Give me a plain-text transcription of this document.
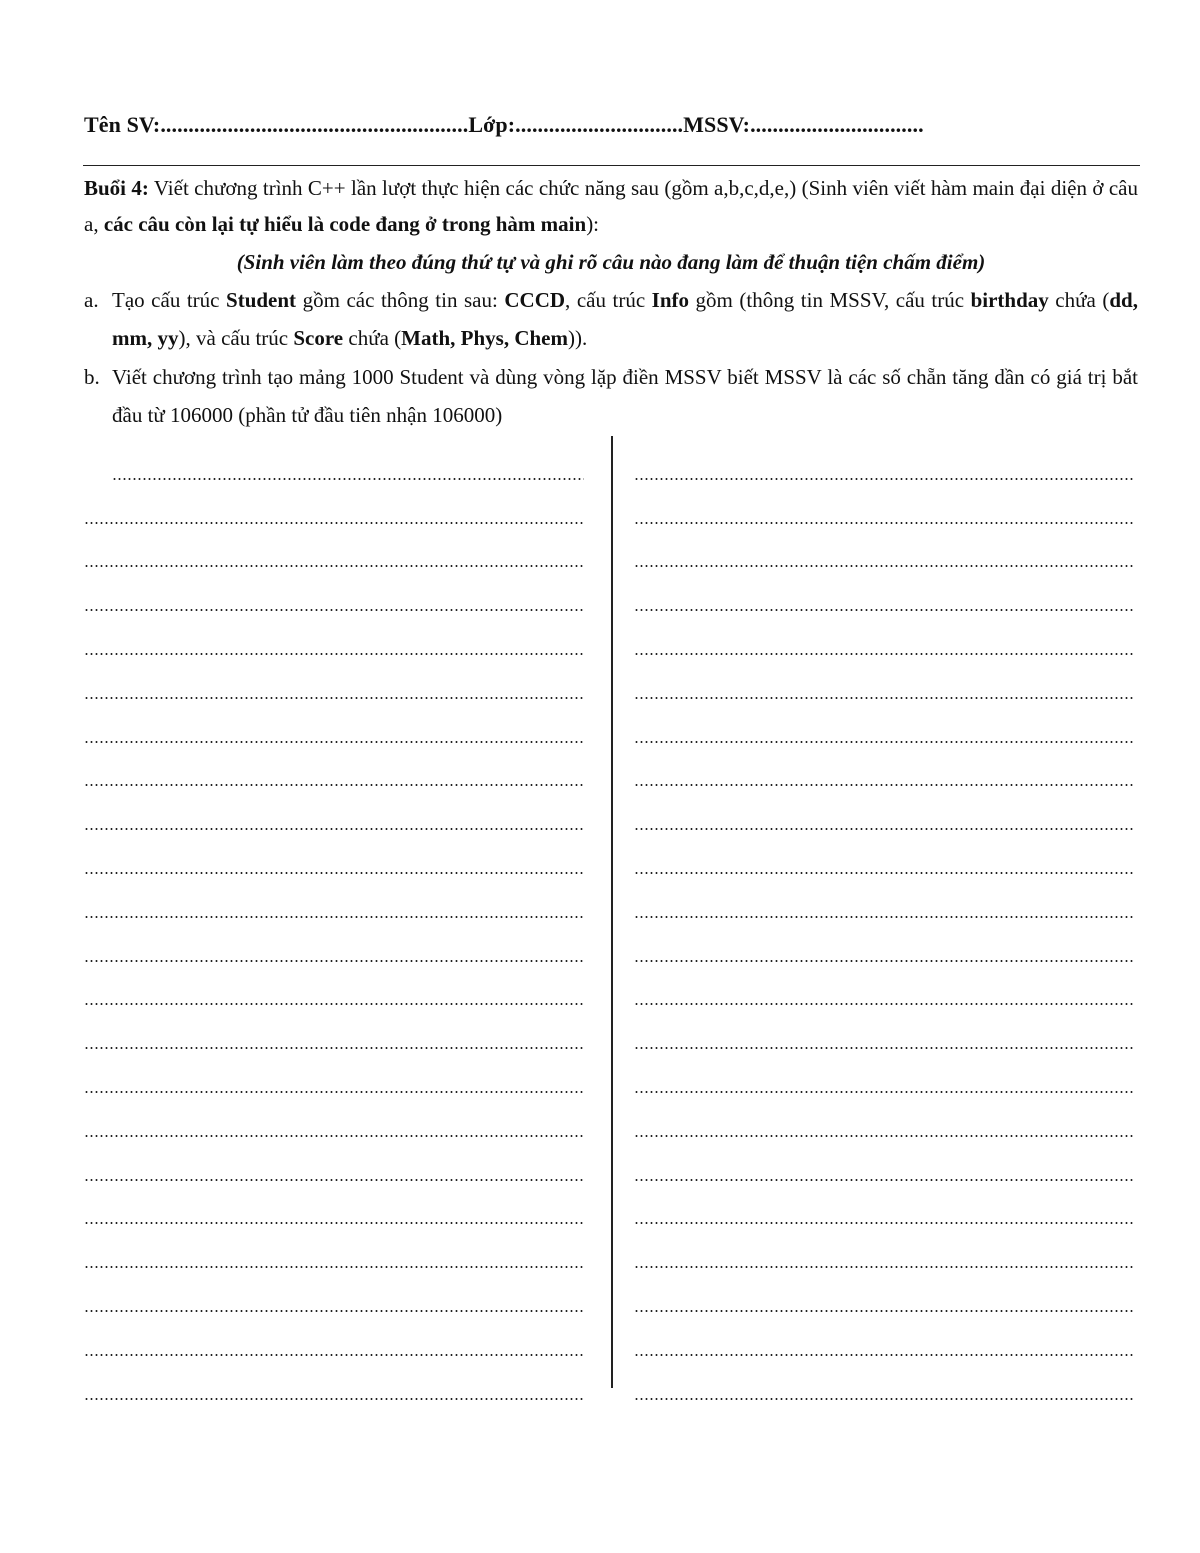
Tên SV:.......................................................Lớp:..............................MSSV:...............................
Buổi 4: Viết chương trình C++ lần lượt thực hiện các chức năng sau (gồm a,b,c,d,e,) (Sinh viên viết hàm main đại diện ở câu a, các câu còn lại tự hiểu là code đang ở trong hàm main):
(Sinh viên làm theo đúng thứ tự và ghi rõ câu nào đang làm để thuận tiện chấm điểm)
a. Tạo cấu trúc Student gồm các thông tin sau: CCCD, cấu trúc Info gồm (thông tin MSSV, cấu trúc birthday chứa (dd, mm, yy), và cấu trúc Score chứa (Math, Phys, Chem)).
b. Viết chương trình tạo mảng 1000 Student và dùng vòng lặp điền MSSV biết MSSV là các số chẵn tăng dần có giá trị bắt đầu từ 106000 (phần tử đầu tiên nhận 106000)
